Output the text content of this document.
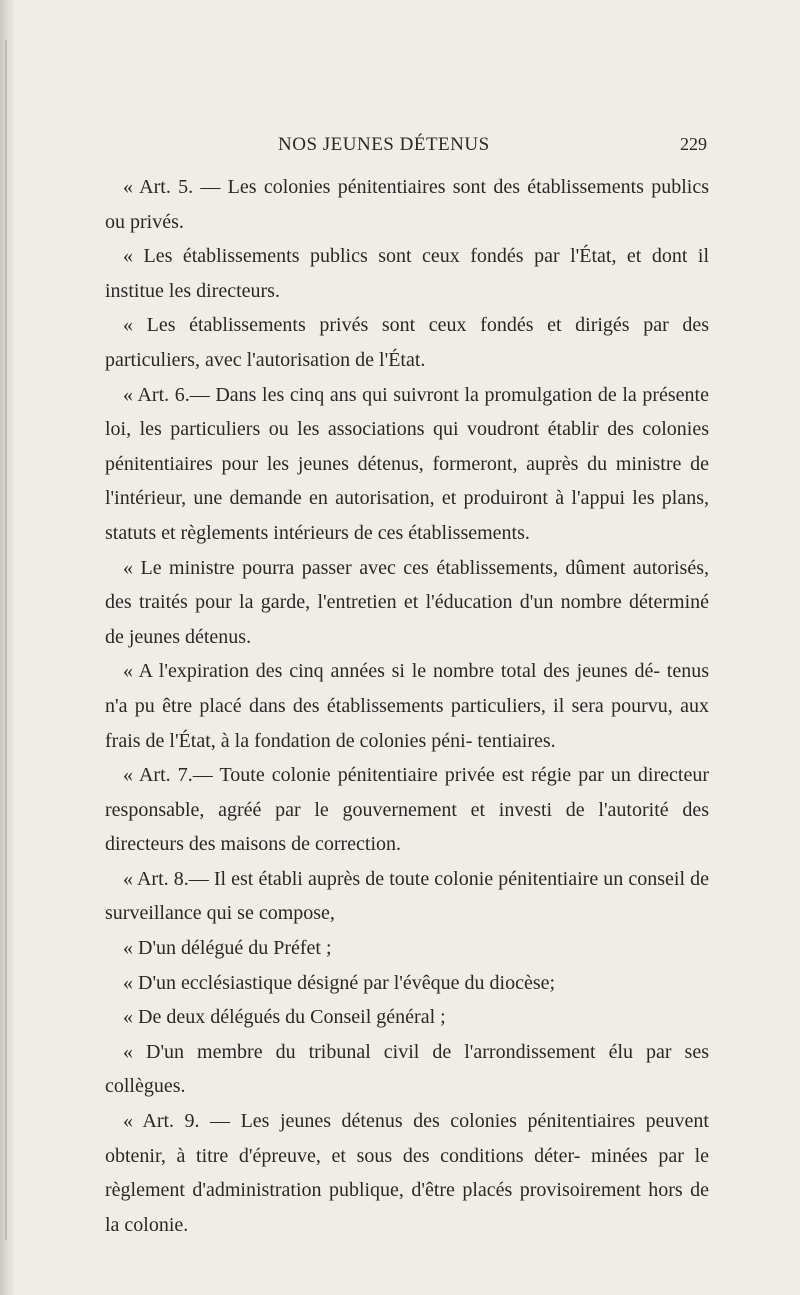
NOS JEUNES DÉTENUS	229

« Art. 5. — Les colonies pénitentiaires sont des établissements publics ou privés.

« Les établissements publics sont ceux fondés par l'État, et dont il institue les directeurs.

« Les établissements privés sont ceux fondés et dirigés par des particuliers, avec l'autorisation de l'État.

« Art. 6.— Dans les cinq ans qui suivront la promulgation de la présente loi, les particuliers ou les associations qui voudront établir des colonies pénitentiaires pour les jeunes détenus, formeront, auprès du ministre de l'intérieur, une demande en autorisation, et produiront à l'appui les plans, statuts et règlements intérieurs de ces établissements.

« Le ministre pourra passer avec ces établissements, dûment autorisés, des traités pour la garde, l'entretien et l'éducation d'un nombre déterminé de jeunes détenus.

« A l'expiration des cinq années si le nombre total des jeunes dé- tenus n'a pu être placé dans des établissements particuliers, il sera pourvu, aux frais de l'État, à la fondation de colonies péni- tentiaires.

« Art. 7.— Toute colonie pénitentiaire privée est régie par un directeur responsable, agréé par le gouvernement et investi de l'autorité des directeurs des maisons de correction.

« Art. 8.— Il est établi auprès de toute colonie pénitentiaire un conseil de surveillance qui se compose,

« D'un délégué du Préfet ;

« D'un ecclésiastique désigné par l'évêque du diocèse;

« De deux délégués du Conseil général ;

« D'un membre du tribunal civil de l'arrondissement élu par ses collègues.

« Art. 9. — Les jeunes détenus des colonies pénitentiaires peuvent obtenir, à titre d'épreuve, et sous des conditions déter- minées par le règlement d'administration publique, d'être placés provisoirement hors de la colonie.
